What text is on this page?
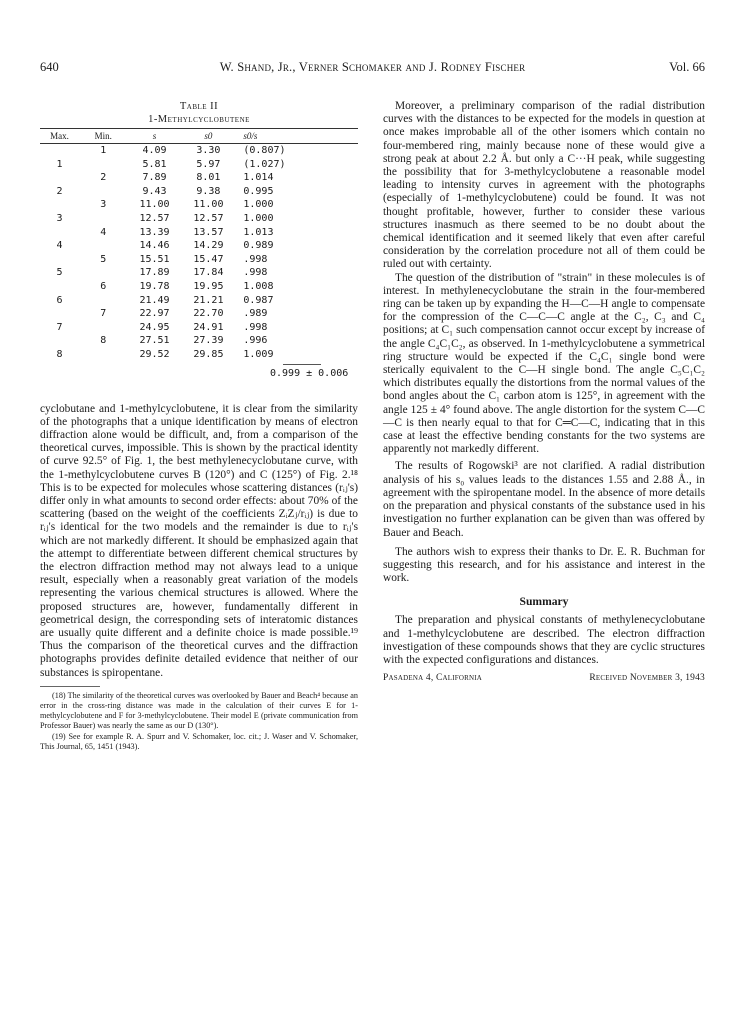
640	W. Shand, Jr., Verner Schomaker and J. Rodney Fischer	Vol. 66
Table II
1-Methylcyclobutene
Max.	Min.	s	s0	s0/s
	1	4.09	3.30	(0.807)
1		5.81	5.97	(1.027)
	2	7.89	8.01	1.014
2		9.43	9.38	0.995
	3	11.00	11.00	1.000
3		12.57	12.57	1.000
	4	13.39	13.57	1.013
4		14.46	14.29	0.989
	5	15.51	15.47	.998
5		17.89	17.84	.998
	6	19.78	19.95	1.008
6		21.49	21.21	0.987
	7	22.97	22.70	.989
7		24.95	24.91	.998
	8	27.51	27.39	.996
8		29.52	29.85	1.009
0.999 ± 0.006

cyclobutane and 1-methylcyclobutene, it is clear from the similarity of the photographs that a unique identification by means of electron diffraction alone would be difficult, and, from a comparison of the theoretical curves, impossible. This is shown by the practical identity of curve 92.5° of Fig. 1, the best methylenecyclobutane curve, with the 1-methylcyclobutene curves B (120°) and C (125°) of Fig. 2.¹⁸ This is to be expected for molecules whose scattering distances (rᵢⱼ's) differ only in what amounts to second order effects: about 70% of the scattering (based on the weight of the coefficients ZᵢZⱼ/rᵢⱼ) is due to rᵢⱼ's identical for the two models and the remainder is due to rᵢⱼ's which are not markedly different. It should be emphasized again that the attempt to differentiate between different chemical structures by the electron diffraction method may not always lead to a unique result, especially when a reasonably great variation of the models representing the various chemical structures is allowed. Where the proposed structures are, however, fundamentally different in geometrical design, the corresponding sets of interatomic distances are usually quite different and a definite choice is made possible.¹⁹ Thus the comparison of the theoretical curves and the diffraction photographs provides definite detailed evidence that neither of our substances is spiropentane.

(18) The similarity of the theoretical curves was overlooked by Bauer and Beach⁴ because an error in the cross-ring distance was made in the calculation of their curves E for 1-methylcyclobutene and F for 3-methylcyclobutene. Their model E (private communication from Professor Bauer) was nearly the same as our D (130°).

(19) See for example R. A. Spurr and V. Schomaker, loc. cit.; J. Waser and V. Schomaker, This Journal, 65, 1451 (1943).

Moreover, a preliminary comparison of the radial distribution curves with the distances to be expected for the models in question at once makes improbable all of the other isomers which contain no four-membered ring, mainly because none of these would give a strong peak at about 2.2 Å. but only a C···H peak, while suggesting the possibility that for 3-methylcyclobutene a reasonable model leading to intensity curves in agreement with the photographs (especially of 1-methylcyclobutene) could be found. It was not thought profitable, however, further to consider these various structures inasmuch as there seemed to be no doubt about the chemical identification and it seemed likely that even after careful consideration by the correlation procedure not all of them could be ruled out with certainty.

The question of the distribution of "strain" in these molecules is of interest. In methylenecyclobutane the strain in the four-membered ring can be taken up by expanding the H—C—H angle to compensate for the compression of the C—C—C angle at the C₂, C₃ and C₄ positions; at C₁ such compensation cannot occur except by increase of the angle C₄C₁C₂, as observed. In 1-methylcyclobutene a symmetrical ring structure would be expected if the C₄C₁ single bond were sterically equivalent to the C—H single bond. The angle C₅C₁C₂ which distributes equally the distortions from the normal values of the bond angles about the C₁ carbon atom is 125°, in agreement with the angle 125 ± 4° found above. The angle distortion for the system C—C—C is then nearly equal to that for C═C—C, indicating that in this case at least the effective bending constants for the two systems are apparently not markedly different.

The results of Rogowski³ are not clarified. A radial distribution analysis of his s₀ values leads to the distances 1.55 and 2.88 Å., in agreement with the spiropentane model. In the absence of more details on the preparation and physical constants of the substance used in his investigation no further explanation can be given than was offered by Bauer and Beach.

The authors wish to express their thanks to Dr. E. R. Buchman for suggesting this research, and for his assistance and interest in the work.

Summary

The preparation and physical constants of methylenecyclobutane and 1-methylcyclobutene are described. The electron diffraction investigation of these compounds shows that they are cyclic structures with the expected configurations and distances.

Pasadena 4, California	Received November 3, 1943
